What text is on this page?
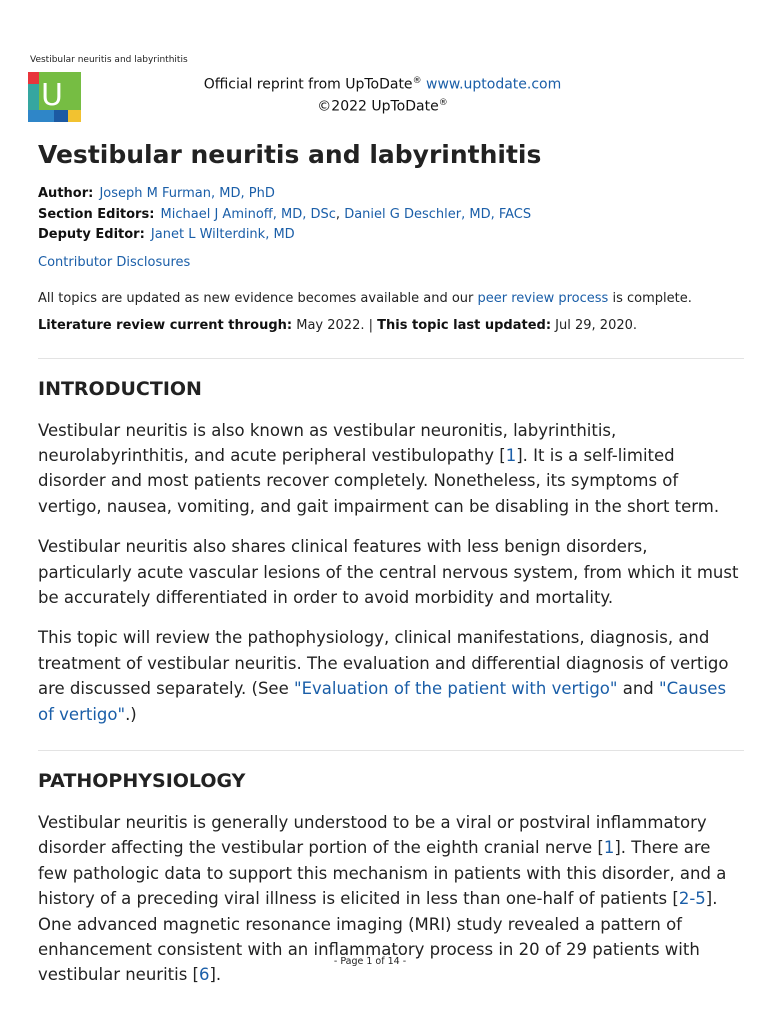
Vestibular neuritis and labyrinthitis
U	Official reprint from UpToDate® www.uptodate.com
©2022 UpToDate®
Vestibular neuritis and labyrinthitis
Author: Joseph M Furman, MD, PhD
Section Editors: Michael J Aminoff, MD, DSc, Daniel G Deschler, MD, FACS
Deputy Editor: Janet L Wilterdink, MD
Contributor Disclosures
All topics are updated as new evidence becomes available and our peer review process is complete.
Literature review current through: May 2022. | This topic last updated: Jul 29, 2020.
INTRODUCTION

Vestibular neuritis is also known as vestibular neuronitis, labyrinthitis, neurolabyrinthitis, and acute peripheral vestibulopathy [1]. It is a self-limited disorder and most patients recover completely. Nonetheless, its symptoms of vertigo, nausea, vomiting, and gait impairment can be disabling in the short term.

Vestibular neuritis also shares clinical features with less benign disorders, particularly acute vascular lesions of the central nervous system, from which it must be accurately differentiated in order to avoid morbidity and mortality.

This topic will review the pathophysiology, clinical manifestations, diagnosis, and treatment of vestibular neuritis. The evaluation and differential diagnosis of vertigo are discussed separately. (See "Evaluation of the patient with vertigo" and "Causes of vertigo".)

PATHOPHYSIOLOGY

Vestibular neuritis is generally understood to be a viral or postviral inflammatory disorder affecting the vestibular portion of the eighth cranial nerve [1]. There are few pathologic data to support this mechanism in patients with this disorder, and a history of a preceding viral illness is elicited in less than one-half of patients [2-5]. One advanced magnetic resonance imaging (MRI) study revealed a pattern of enhancement consistent with an inflammatory process in 20 of 29 patients with vestibular neuritis [6].

- Page 1 of 14 -
